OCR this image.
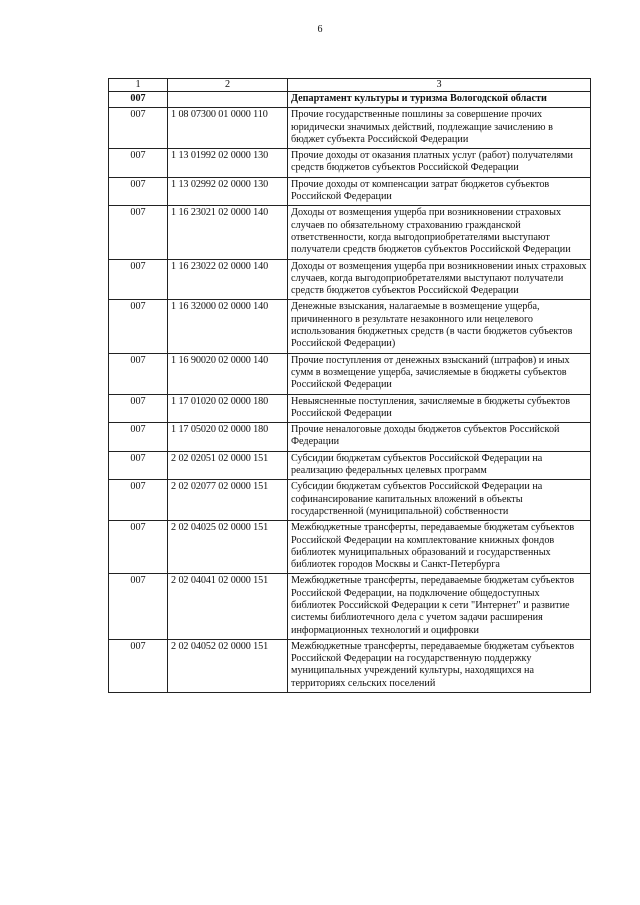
6
1	2	3
007		Департамент культуры и туризма Вологодской области
007	1 08 07300 01 0000 110	Прочие государственные пошлины за совершение прочих юридически значимых действий, подлежащие зачислению в бюджет субъекта Российской Федерации
007	1 13 01992 02 0000 130	Прочие доходы от оказания платных услуг (работ) получателями средств бюджетов субъектов Российской Федерации
007	1 13 02992 02 0000 130	Прочие доходы от компенсации затрат бюджетов субъектов Российской Федерации
007	1 16 23021 02 0000 140	Доходы от возмещения ущерба при возникновении страховых случаев по обязательному страхованию гражданской ответственности, когда выгодоприобретателями выступают получатели средств бюджетов субъектов Российской Федерации
007	1 16 23022 02 0000 140	Доходы от возмещения ущерба при возникновении иных страховых случаев, когда выгодоприобретателями выступают получатели средств бюджетов субъектов Российской Федерации
007	1 16 32000 02 0000 140	Денежные взыскания, налагаемые в возмещение ущерба, причиненного в результате незаконного или нецелевого использования бюджетных средств (в части бюджетов субъектов Российской Федерации)
007	1 16 90020 02 0000 140	Прочие поступления от денежных взысканий (штрафов) и иных сумм в возмещение ущерба, зачисляемые в бюджеты субъектов Российской Федерации
007	1 17 01020 02 0000 180	Невыясненные поступления, зачисляемые в бюджеты субъектов Российской Федерации
007	1 17 05020 02 0000 180	Прочие неналоговые доходы бюджетов субъектов Российской Федерации
007	2 02 02051 02 0000 151	Субсидии бюджетам субъектов Российской Федерации на реализацию федеральных целевых программ
007	2 02 02077 02 0000 151	Субсидии бюджетам субъектов Российской Федерации на софинансирование капитальных вложений в объекты государственной (муниципальной) собственности
007	2 02 04025 02 0000 151	Межбюджетные трансферты, передаваемые бюджетам субъектов Российской Федерации на комплектование книжных фондов библиотек муниципальных образований и государственных библиотек городов Москвы и Санкт-Петербурга
007	2 02 04041 02 0000 151	Межбюджетные трансферты, передаваемые бюджетам субъектов Российской Федерации, на подключение общедоступных библиотек Российской Федерации к сети "Интернет" и развитие системы библиотечного дела с учетом задачи расширения информационных технологий и оцифровки
007	2 02 04052 02 0000 151	Межбюджетные трансферты, передаваемые бюджетам субъектов Российской Федерации на государственную поддержку муниципальных учреждений культуры, находящихся на территориях сельских поселений
